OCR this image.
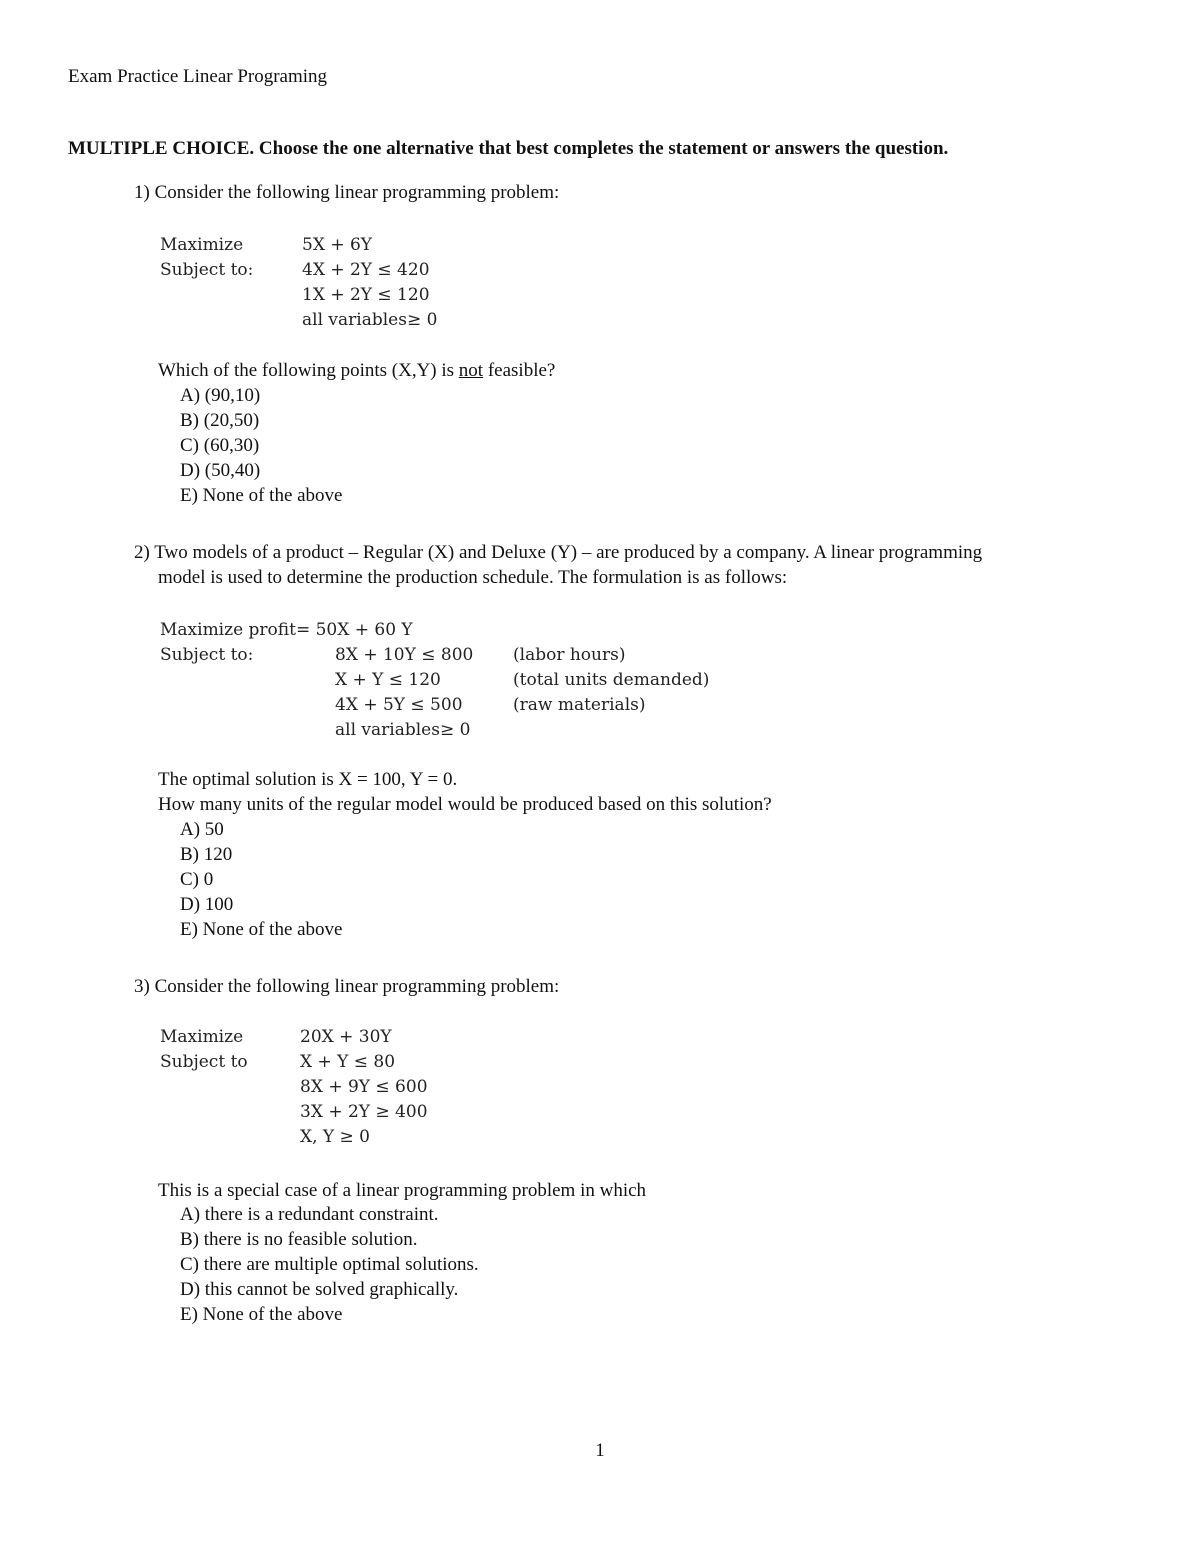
Exam Practice Linear Programing
MULTIPLE CHOICE. Choose the one alternative that best completes the statement or answers the question.
1) Consider the following linear programming problem:
Maximize
Subject to:
5X + 6Y
4X + 2Y ≤ 420
1X + 2Y ≤ 120
all variables≥ 0
Which of the following points (X,Y) is not feasible?
A) (90,10)
B) (20,50)
C) (60,30)
D) (50,40)
E) None of the above
2) Two models of a product – Regular (X) and Deluxe (Y) – are produced by a company. A linear programming
model is used to determine the production schedule. The formulation is as follows:
Maximize profit= 50X + 60 Y
Subject to:	8X + 10Y ≤ 800
X + Y ≤ 120
4X + 5Y ≤ 500
all variables≥ 0
(labor hours)
(total units demanded)
(raw materials)
The optimal solution is X = 100, Y = 0.
How many units of the regular model would be produced based on this solution?
A) 50
B) 120
C) 0
D) 100
E) None of the above
3) Consider the following linear programming problem:
Maximize
Subject to
20X + 30Y
X + Y ≤ 80
8X + 9Y ≤ 600
3X + 2Y ≥ 400
X, Y ≥ 0
This is a special case of a linear programming problem in which
A) there is a redundant constraint.
B) there is no feasible solution.
C) there are multiple optimal solutions.
D) this cannot be solved graphically.
E) None of the above
1
